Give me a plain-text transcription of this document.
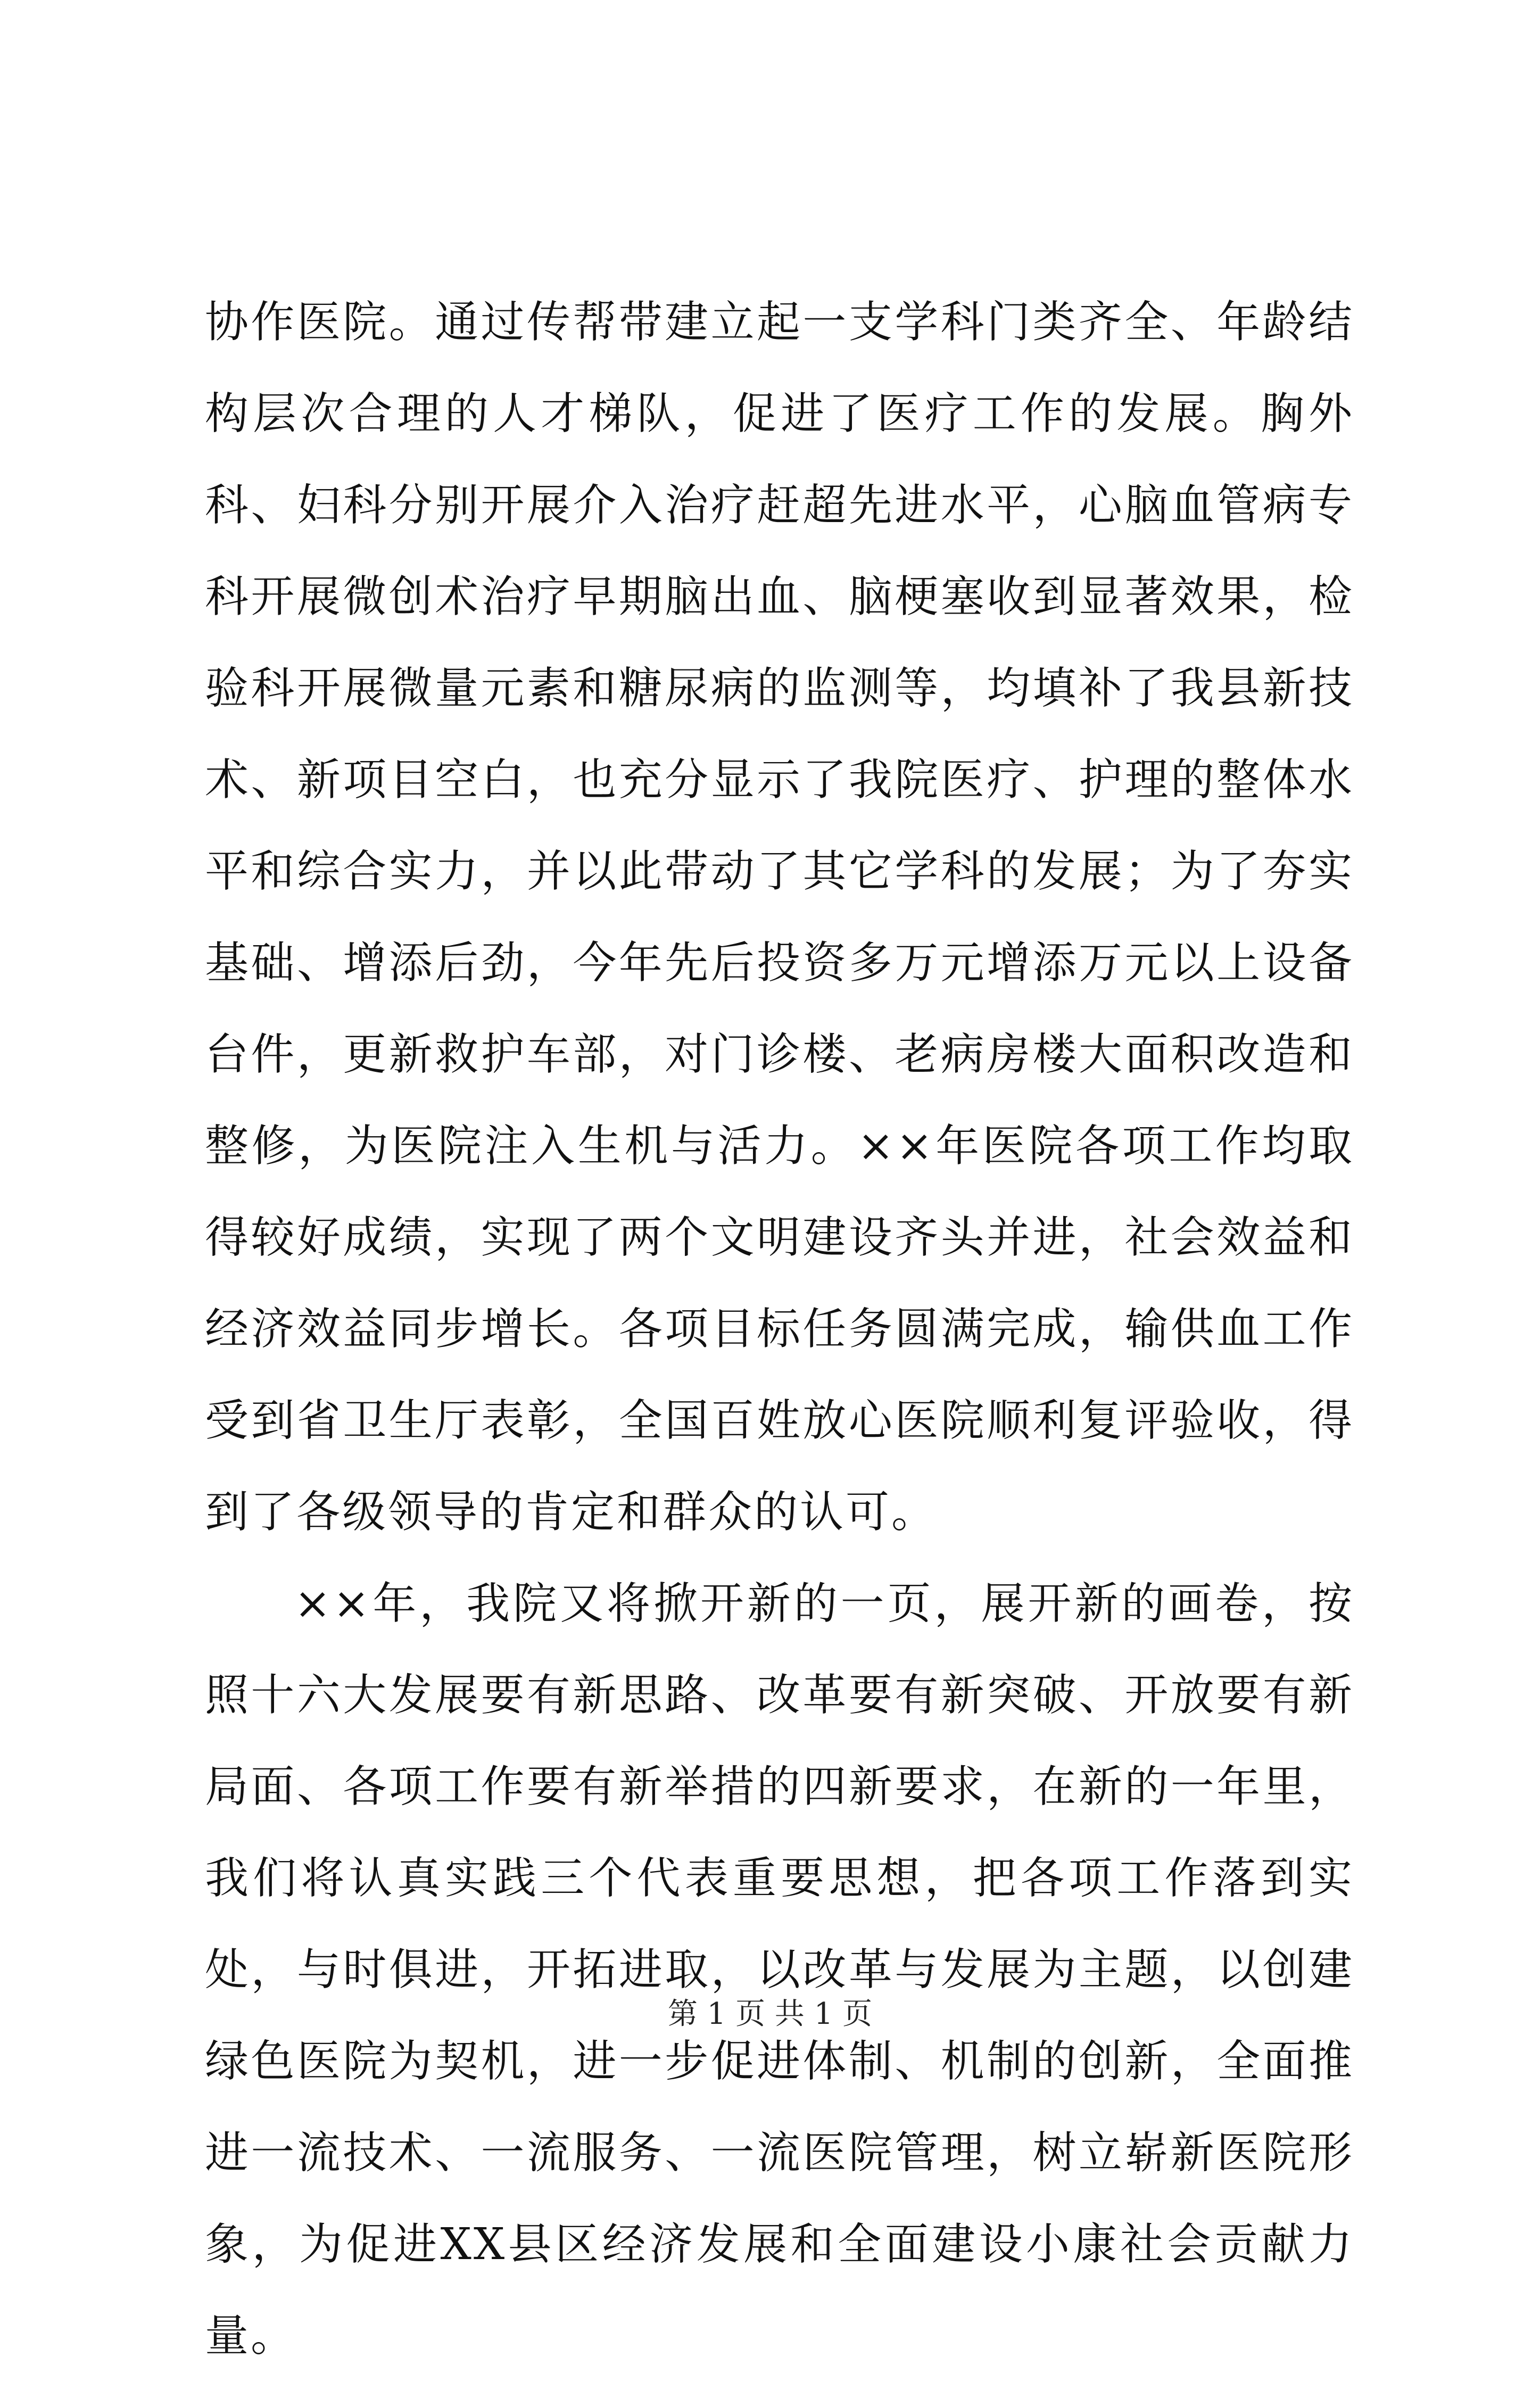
协作医院。通过传帮带建立起一支学科门类齐全、年龄结构层次合理的人才梯队，促进了医疗工作的发展。胸外科、妇科分别开展介入治疗赶超先进水平，心脑血管病专科开展微创术治疗早期脑出血、脑梗塞收到显著效果，检验科开展微量元素和糖尿病的监测等，均填补了我县新技术、新项目空白，也充分显示了我院医疗、护理的整体水平和综合实力，并以此带动了其它学科的发展；为了夯实基础、增添后劲，今年先后投资多万元增添万元以上设备台件，更新救护车部，对门诊楼、老病房楼大面积改造和整修，为医院注入生机与活力。××年医院各项工作均取得较好成绩，实现了两个文明建设齐头并进，社会效益和经济效益同步增长。各项目标任务圆满完成，输供血工作受到省卫生厅表彰，全国百姓放心医院顺利复评验收，得到了各级领导的肯定和群众的认可。

××年，我院又将掀开新的一页，展开新的画卷，按照十六大发展要有新思路、改革要有新突破、开放要有新局面、各项工作要有新举措的四新要求，在新的一年里，我们将认真实践三个代表重要思想，把各项工作落到实处，与时俱进，开拓进取，以改革与发展为主题，以创建绿色医院为契机，进一步促进体制、机制的创新，全面推进一流技术、一流服务、一流医院管理，树立崭新医院形象，为促进XX县区经济发展和全面建设小康社会贡献力量。

第 1 页 共 1 页
